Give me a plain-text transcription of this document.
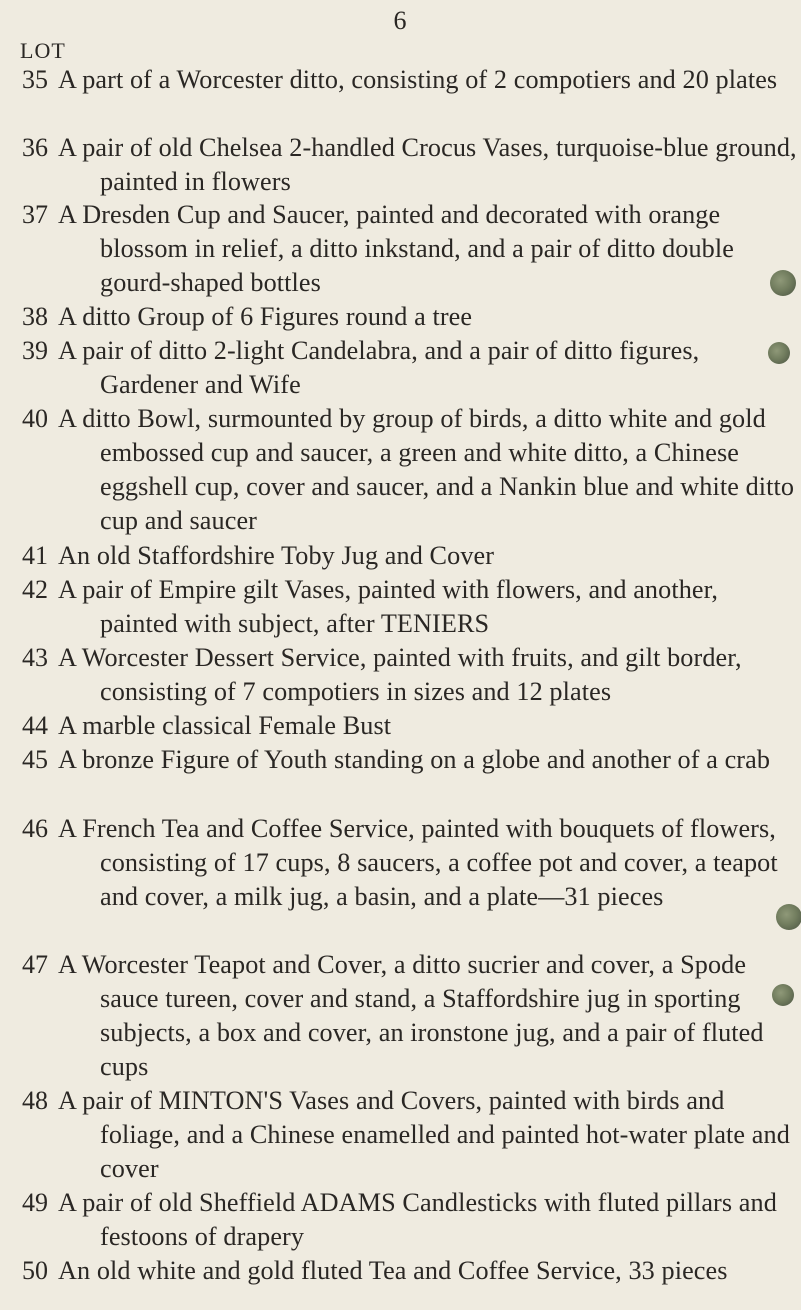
6
LOT
35 A part of a Worcester ditto, consisting of 2 compotiers and 20 plates
36 A pair of old Chelsea 2-handled Crocus Vases, turquoise-blue ground, painted in flowers
37 A Dresden Cup and Saucer, painted and decorated with orange blossom in relief, a ditto inkstand, and a pair of ditto double gourd-shaped bottles
38 A ditto Group of 6 Figures round a tree
39 A pair of ditto 2-light Candelabra, and a pair of ditto figures, Gardener and Wife
40 A ditto Bowl, surmounted by group of birds, a ditto white and gold embossed cup and saucer, a green and white ditto, a Chinese eggshell cup, cover and saucer, and a Nankin blue and white ditto cup and saucer
41 An old Staffordshire Toby Jug and Cover
42 A pair of Empire gilt Vases, painted with flowers, and another, painted with subject, after TENIERS
43 A Worcester Dessert Service, painted with fruits, and gilt border, consisting of 7 compotiers in sizes and 12 plates
44 A marble classical Female Bust
45 A bronze Figure of Youth standing on a globe and another of a crab
46 A French Tea and Coffee Service, painted with bouquets of flowers, consisting of 17 cups, 8 saucers, a coffee pot and cover, a teapot and cover, a milk jug, a basin, and a plate—31 pieces
47 A Worcester Teapot and Cover, a ditto sucrier and cover, a Spode sauce tureen, cover and stand, a Staffordshire jug in sporting subjects, a box and cover, an ironstone jug, and a pair of fluted cups
48 A pair of MINTON'S Vases and Covers, painted with birds and foliage, and a Chinese enamelled and painted hot-water plate and cover
49 A pair of old Sheffield ADAMS Candlesticks with fluted pillars and festoons of drapery
50 An old white and gold fluted Tea and Coffee Service, 33 pieces
